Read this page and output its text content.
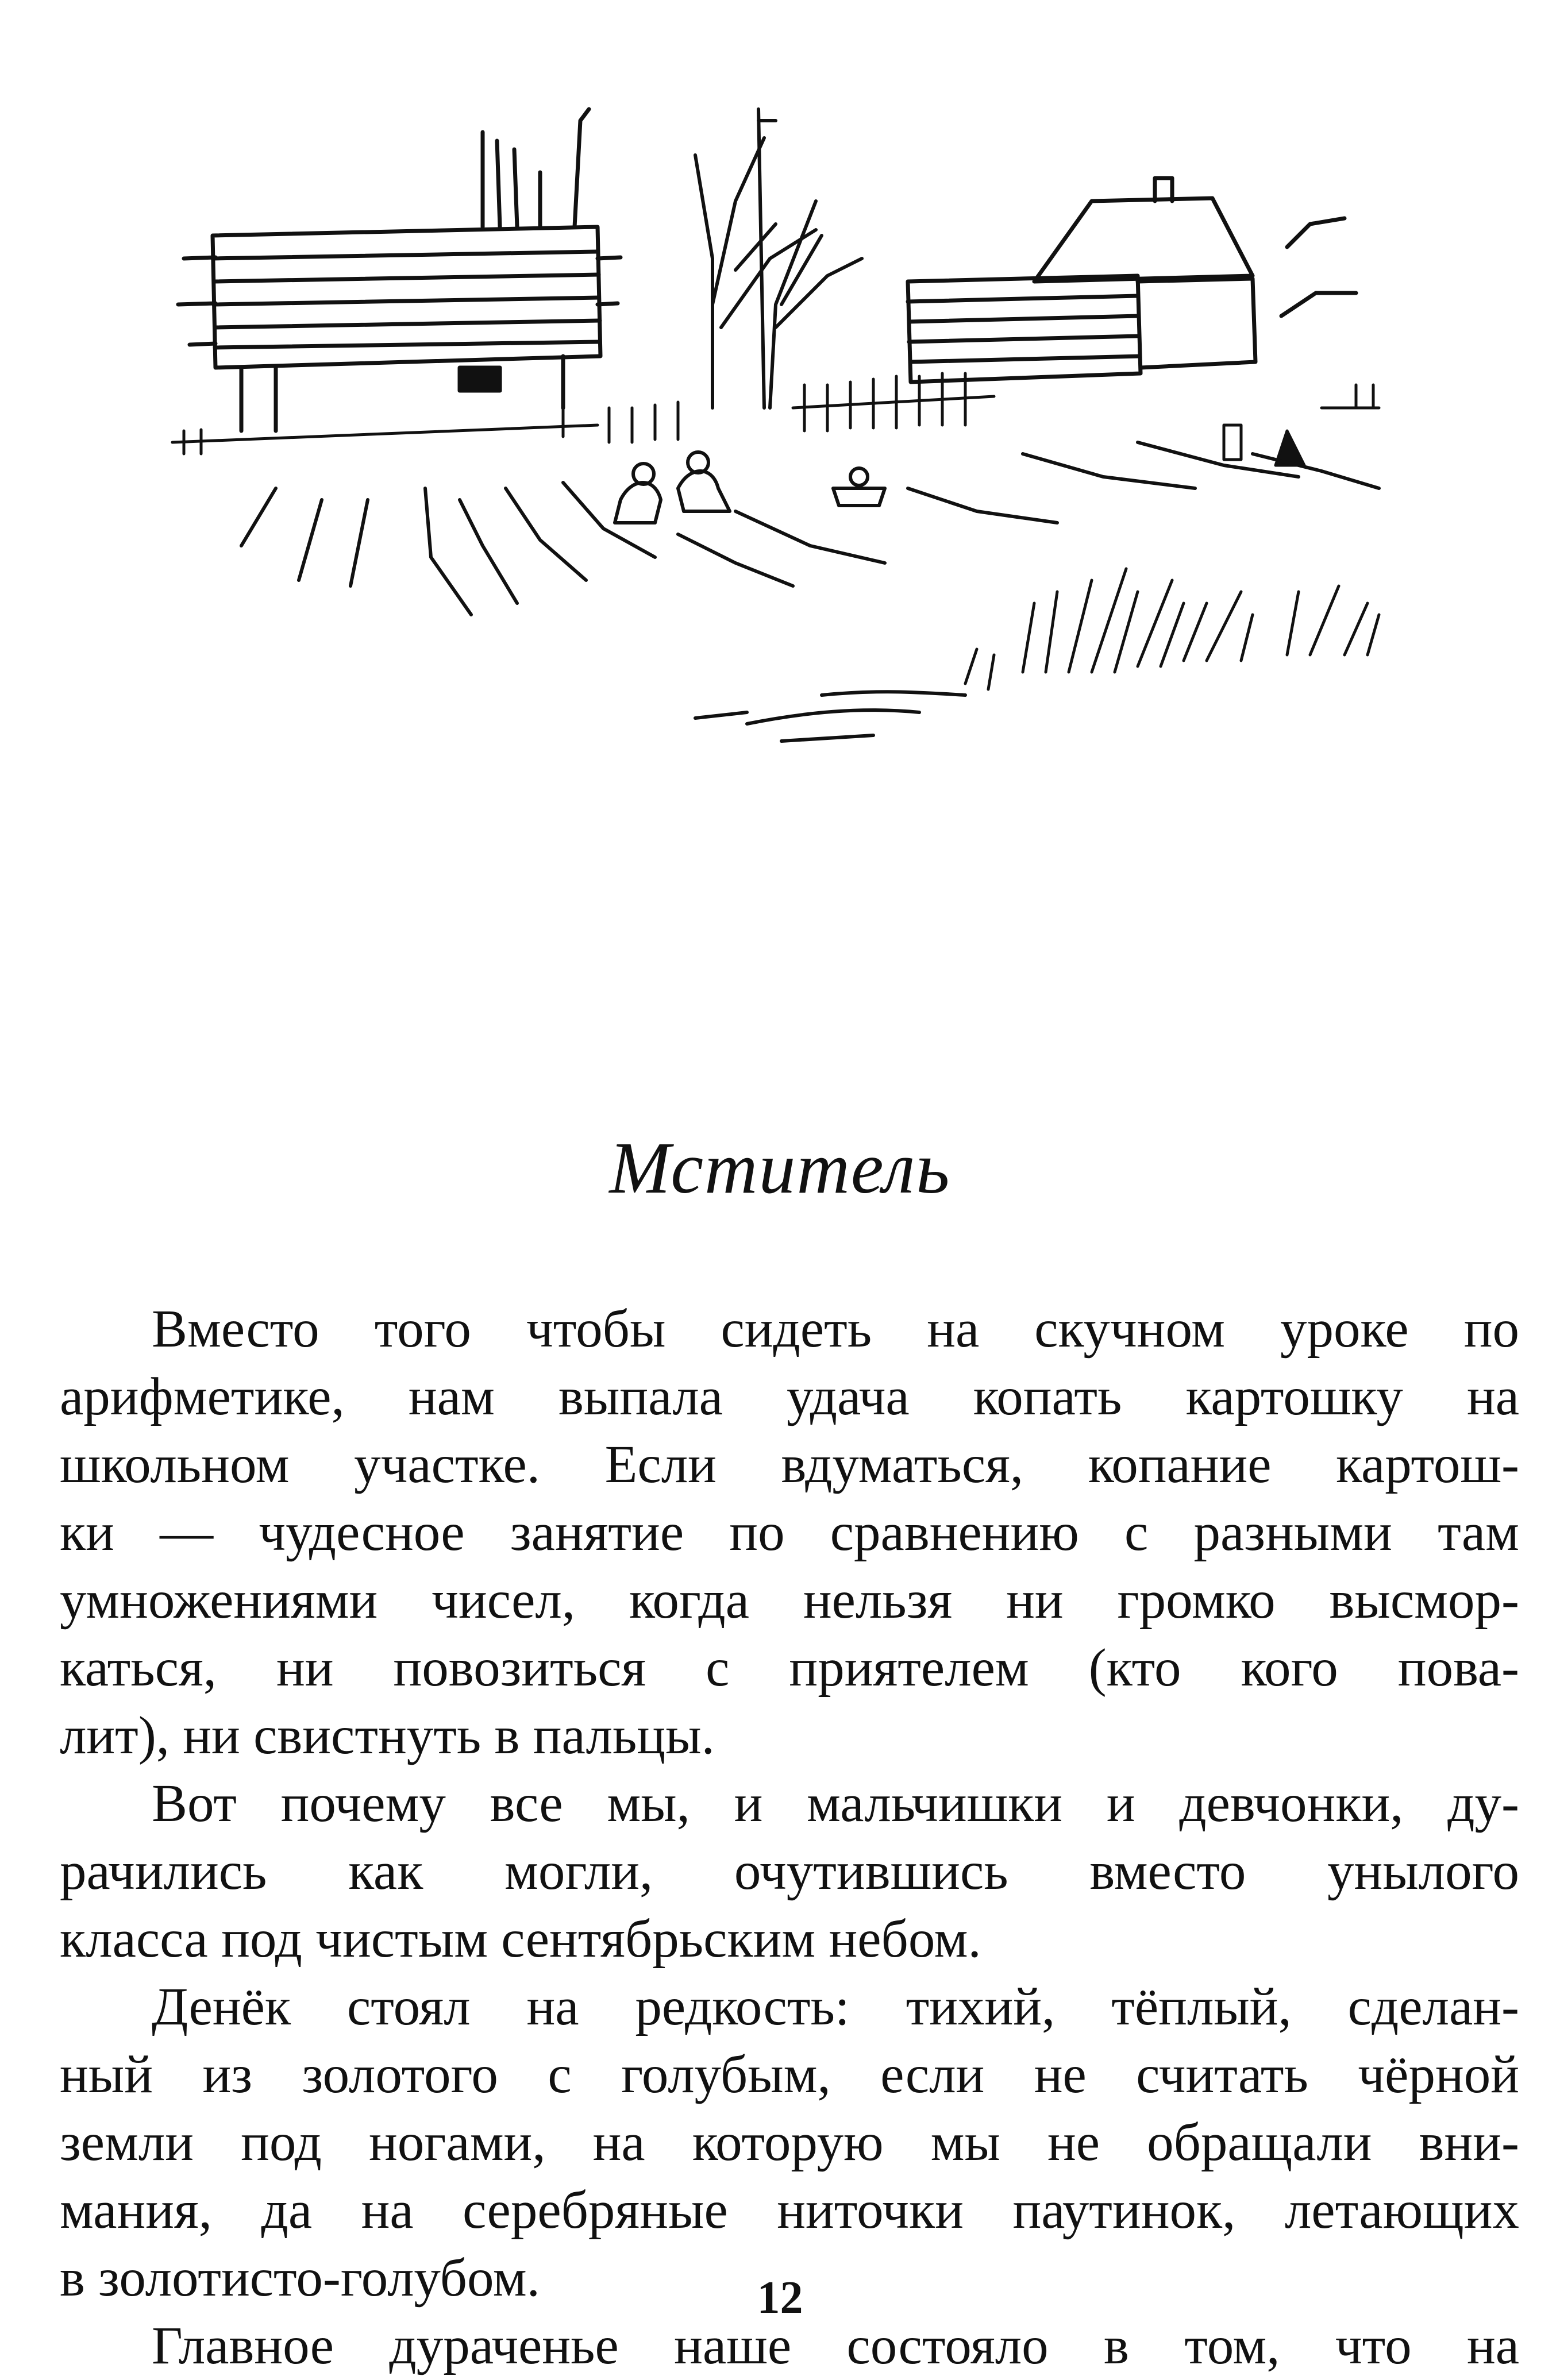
Мститель
Вместо того чтобы сидеть на скучном уроке по
арифметике, нам выпала удача копать картошку на
школьном участке. Если вдуматься, копание картош-
ки — чудесное занятие по сравнению с разными там
умножениями чисел, когда нельзя ни громко высмор-
каться, ни повозиться с приятелем (кто кого пова-
лит), ни свистнуть в пальцы.
Вот почему все мы, и мальчишки и девчонки, ду-
рачились как могли, очутившись вместо унылого
класса под чистым сентябрьским небом.
Денёк стоял на редкость: тихий, тёплый, сделан-
ный из золотого с голубым, если не считать чёрной
земли под ногами, на которую мы не обращали вни-
мания, да на серебряные ниточки паутинок, летающих
в золотисто-голубом.
Главное дураченье наше состояло в том, что на
12
